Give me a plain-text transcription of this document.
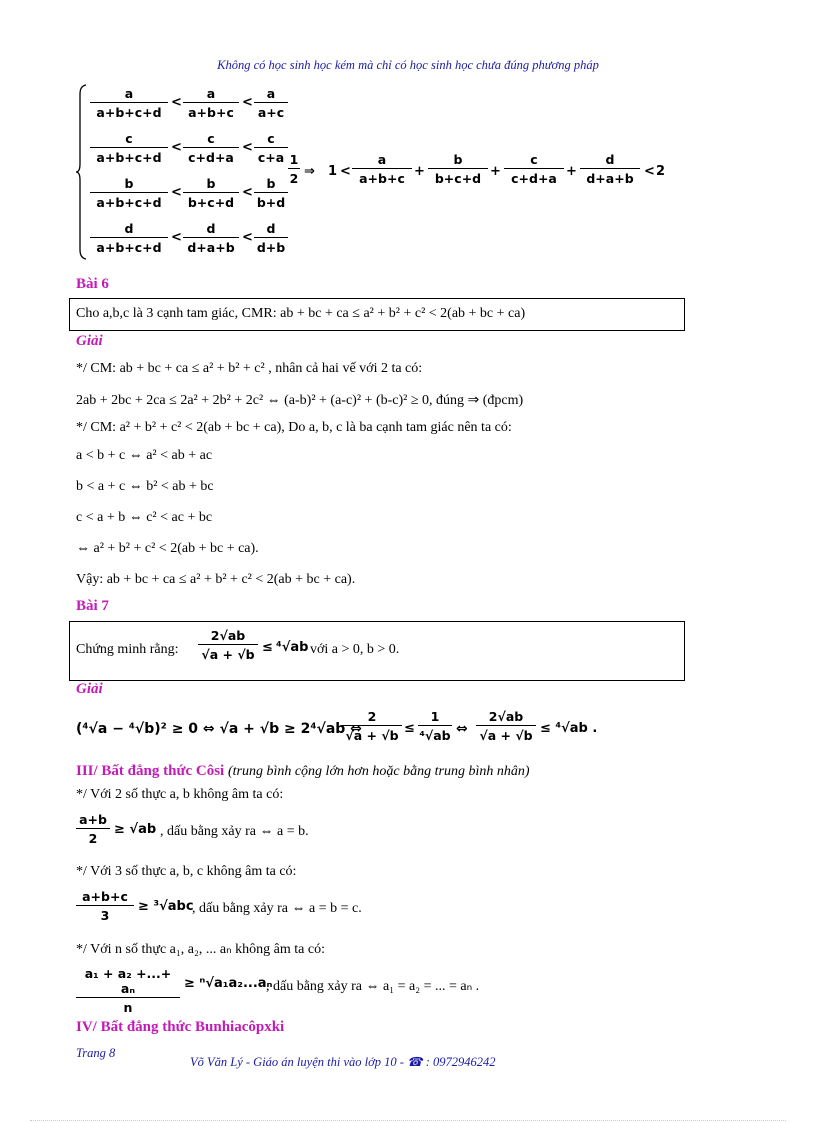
Không có học sinh học kém mà chỉ có học sinh học chưa đúng phương pháp
$\frac{a}{a+b+c+d} < \frac{a}{a+b+c} < \frac{a}{a+c}$
$\frac{c}{a+b+c+d} < \frac{c}{c+d+a} < \frac{c}{c+a}$
$\frac{b}{a+b+c+d} < \frac{b}{b+c+d} < \frac{b}{b+d}$
$\frac{d}{a+b+c+d} < \frac{d}{d+a+b} < \frac{d}{d+b}$
$\frac{1}{2}$ ⇒ $1 < \frac{a}{a+b+c} + \frac{b}{b+c+d} + \frac{c}{c+d+a} + \frac{d}{d+a+b} < 2$
Bài 6
Cho a,b,c là 3 cạnh tam giác, CMR: ab + bc + ca ≤ a² + b² + c² < 2(ab + bc + ca)
Giải
*/ CM: ab + bc + ca ≤ a² + b² + c² , nhân cả hai vế với 2 ta có:
2ab + 2bc + 2ca ≤ 2a² + 2b² + 2c² ⇔ (a-b)² + (a-c)² + (b-c)² ≥ 0, đúng ⇒ (đpcm)
*/ CM: a² + b² + c² < 2(ab + bc + ca), Do a, b, c là ba cạnh tam giác nên ta có:
a < b + c ⇔ a² < ab + ac
b < a + c ⇔ b² < ab + bc
c < a + b ⇔ c² < ac + bc
⇔ a² + b² + c² < 2(ab + bc + ca).
Vậy: ab + bc + ca ≤ a² + b² + c² < 2(ab + bc + ca).
Bài 7
Chứng minh rằng: $\frac{2√ab}{√a + √b} \le ^4√ab$ với a > 0, b > 0.
Giải
(⁴√a − ⁴√b)² ≥ 0 ⇔ √a + √b ≥ 2⁴√ab ⇔
$\frac{2}{√a + √b} \le \frac{1}{\text{⁴√ab}}$ ⇔ $\frac{2√ab}{√a + √b} \le ^4√ab$ .
III/ Bất đẳng thức Côsi (trung bình cộng lớn hơn hoặc bằng trung bình nhân)
*/ Với 2 số thực a, b không âm ta có:
$\frac{a+b}{2} \ge √ab$ , dấu bằng xảy ra ⇔ a = b.
*/ Với 3 số thực a, b, c không âm ta có:
$\frac{a+b+c}{3} \ge ^3√abc$
, dấu bằng xảy ra ⇔ a = b = c.
*/ Với n số thực a₁, a₂, ... aₙ không âm ta có:
$\frac{\text{a₁ + a₂ +...+ aₙ}}{n} \ge ^n√a_1a_2...a_n$
, dấu bằng xảy ra ⇔ a₁ = a₂ = ... = aₙ .
IV/ Bất đẳng thức Bunhiacôpxki
Trang 8
Võ Văn Lý - Giáo án luyện thi vào lớp 10 - ☎ : 0972946242
